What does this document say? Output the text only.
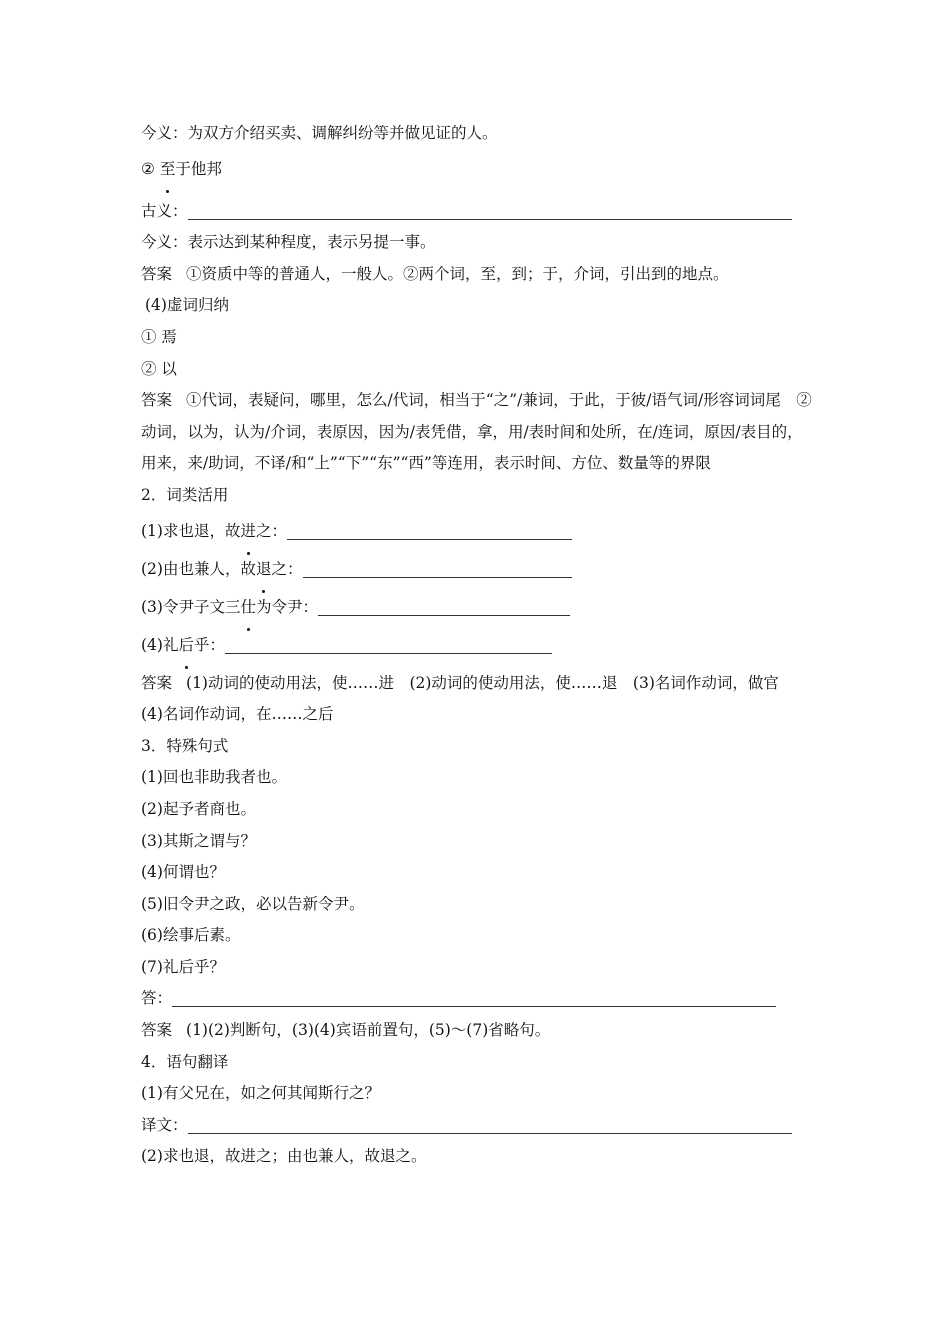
今义：为双方介绍买卖、调解纠纷等并做见证的人。
② 至于他邦
古义：
今义：表示达到某种程度，表示另提一事。
答案 ①资质中等的普通人，一般人。②两个词，至，到；于，介词，引出到的地点。
(4)虚词归纳
① 焉
② 以
答案 ①代词，表疑问，哪里，怎么/代词，相当于“之”/兼词，于此，于彼/语气词/形容词词尾　②动词，以为，认为/介词，表原因，因为/表凭借，拿，用/表时间和处所，在/连词，原因/表目的，用来，来/助词，不译/和“上”“下”“东”“西”等连用，表示时间、方位、数量等的界限
2．词类活用
(1)求也退，故进之：
(2)由也兼人，故退之：
(3)令尹子文三仕为令尹：
(4)礼后乎：
答案 (1)动词的使动用法，使……进　(2)动词的使动用法，使……退　(3)名词作动词，做官　(4)名词作动词，在……之后
3．特殊句式
(1)回也非助我者也。
(2)起予者商也。
(3)其斯之谓与？
(4)何谓也？
(5)旧令尹之政，必以告新令尹。
(6)绘事后素。
(7)礼后乎？
答：
答案 (1)(2)判断句，(3)(4)宾语前置句，(5)～(7)省略句。
4．语句翻译
(1)有父兄在，如之何其闻斯行之？
译文：
(2)求也退，故进之；由也兼人，故退之。
